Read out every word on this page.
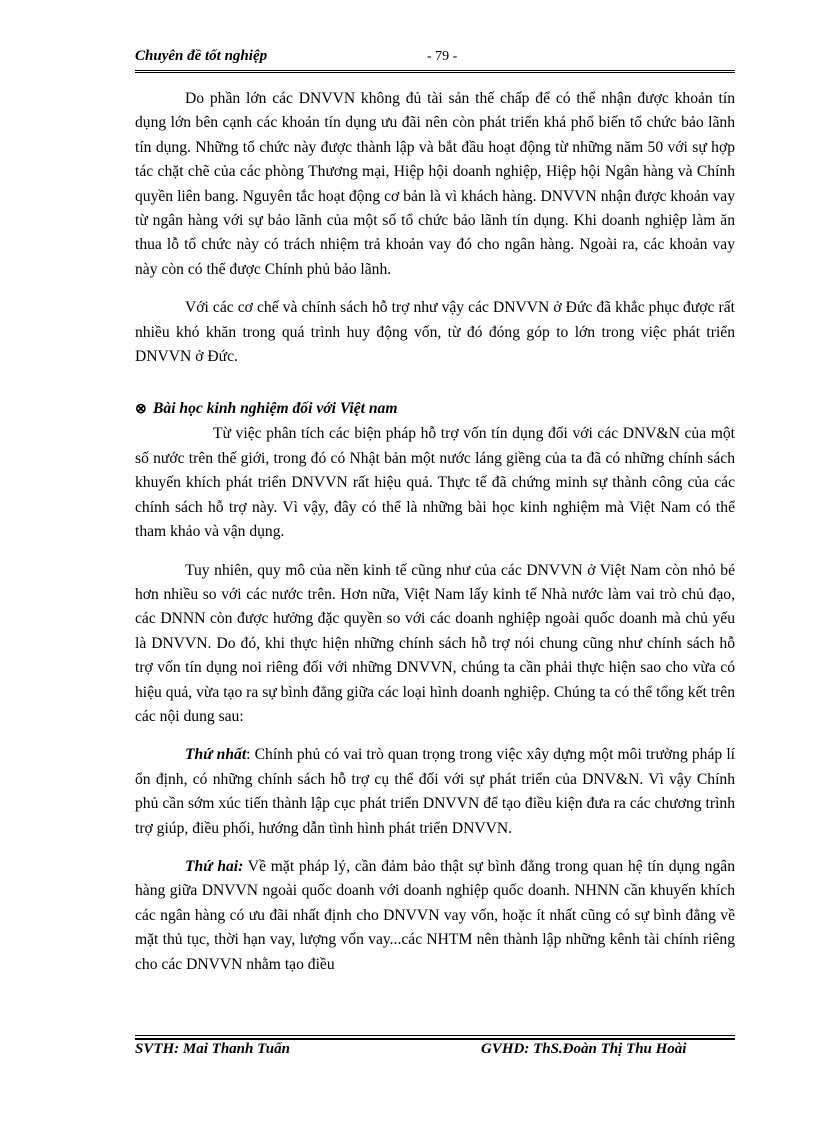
Chuyên đề tốt nghiệp	- 79 -

Do phần lớn các DNVVN không đủ tài sản thế chấp để có thể nhận được khoản tín dụng lớn bên cạnh các khoản tín dụng ưu đãi nên còn phát triển khá phổ biến tổ chức bảo lãnh tín dụng. Những tổ chức này được thành lập và bắt đầu hoạt động từ những năm 50 với sự hợp tác chặt chẽ của các phòng Thương mại, Hiệp hội doanh nghiệp, Hiệp hội Ngân hàng và Chính quyền liên bang. Nguyên tắc hoạt động cơ bản là vì khách hàng. DNVVN nhận được khoản vay từ ngân hàng với sự bảo lãnh của một số tổ chức bảo lãnh tín dụng. Khi doanh nghiệp làm ăn thua lỗ tổ chức này có trách nhiệm trả khoản vay đó cho ngân hàng. Ngoài ra, các khoản vay này còn có thể được Chính phủ bảo lãnh.

Với các cơ chế và chính sách hỗ trợ như vậy các DNVVN ở Đức đã khắc phục được rất nhiều khó khăn trong quá trình huy động vốn, từ đó đóng góp to lớn trong việc phát triển DNVVN ở Đức.

⊗ Bài học kinh nghiệm đối với Việt nam

Từ việc phân tích các biện pháp hỗ trợ vốn tín dụng đối với các DNV&N của một số nước trên thế giới, trong đó có Nhật bản một nước láng giềng của ta đã có những chính sách khuyến khích phát triển DNVVN rất hiệu quả. Thực tế đã chứng minh sự thành công của các chính sách hỗ trợ này. Vì vậy, đây có thể là những bài học kinh nghiệm mà Việt Nam có thể tham khảo và vận dụng.

Tuy nhiên, quy mô của nền kinh tế cũng như của các DNVVN ở Việt Nam còn nhỏ bé hơn nhiều so với các nước trên. Hơn nữa, Việt Nam lấy kinh tế Nhà nước làm vai trò chủ đạo, các DNNN còn được hưởng đặc quyền so với các doanh nghiệp ngoài quốc doanh mà chủ yếu là DNVVN. Do đó, khi thực hiện những chính sách hỗ trợ nói chung cũng như chính sách hỗ trợ vốn tín dụng noi riêng đối với những DNVVN, chúng ta cần phải thực hiện sao cho vừa có hiệu quả, vừa tạo ra sự bình đẳng giữa các loại hình doanh nghiệp. Chúng ta có thể tổng kết trên các nội dung sau:

Thứ nhất: Chính phủ có vai trò quan trọng trong việc xây dựng một môi trường pháp lí ổn định, có những chính sách hỗ trợ cụ thể đối với sự phát triển của DNV&N. Vì vậy Chính phủ cần sớm xúc tiến thành lập cục phát triển DNVVN để tạo điều kiện đưa ra các chương trình trợ giúp, điều phối, hướng dẫn tình hình phát triển DNVVN.

Thứ hai: Về mặt pháp lý, cần đảm bảo thật sự bình đẳng trong quan hệ tín dụng ngân hàng giữa DNVVN ngoài quốc doanh với doanh nghiệp quốc doanh. NHNN cần khuyến khích các ngân hàng có ưu đãi nhất định cho DNVVN vay vốn, hoặc ít nhất cũng có sự bình đẳng về mặt thủ tục, thời hạn vay, lượng vốn vay...các NHTM nên thành lập những kênh tài chính riêng cho các DNVVN nhằm tạo điều

SVTH: Mai Thanh Tuấn	GVHD: ThS.Đoàn Thị Thu Hoài
